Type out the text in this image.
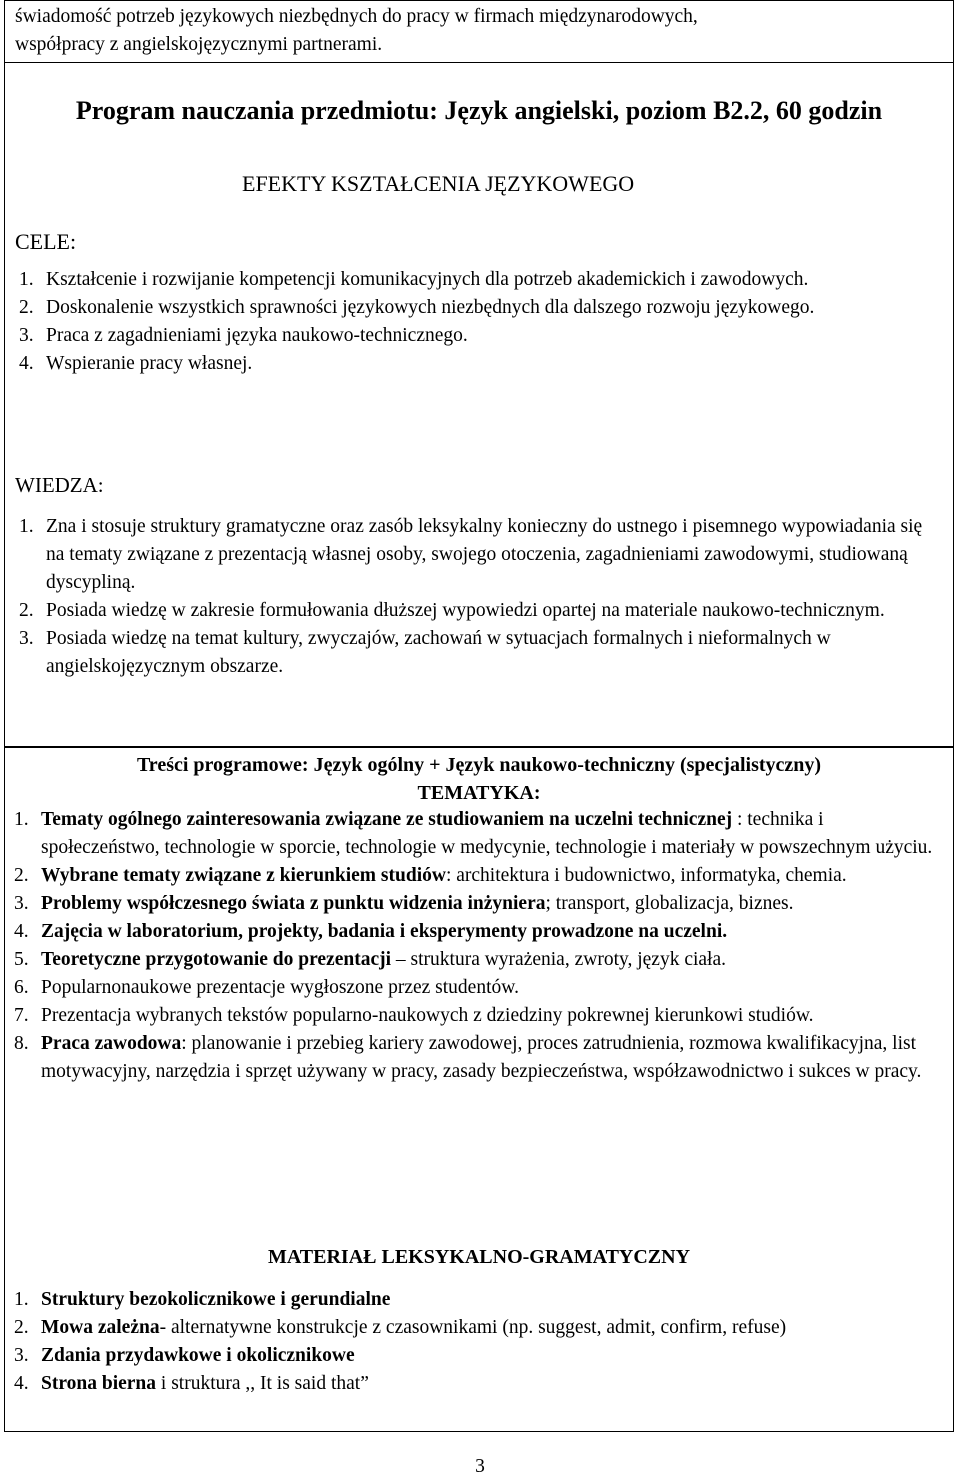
świadomość potrzeb językowych niezbędnych do pracy w firmach międzynarodowych,
współpracy z angielskojęzycznymi partnerami.
Program nauczania przedmiotu: Język angielski, poziom B2.2, 60 godzin
EFEKTY KSZTAŁCENIA JĘZYKOWEGO
CELE:
1. Kształcenie i rozwijanie kompetencji komunikacyjnych dla potrzeb akademickich i zawodowych.
2. Doskonalenie wszystkich sprawności językowych niezbędnych dla dalszego rozwoju językowego.
3. Praca z zagadnieniami języka naukowo-technicznego.
4. Wspieranie pracy własnej.
WIEDZA:
1. Zna i stosuje struktury gramatyczne oraz zasób leksykalny konieczny do ustnego i pisemnego wypowiadania się na tematy związane z prezentacją własnej osoby, swojego otoczenia, zagadnieniami zawodowymi, studiowaną dyscypliną.
2. Posiada wiedzę w zakresie formułowania dłuższej wypowiedzi opartej na materiale naukowo-technicznym.
3. Posiada wiedzę na temat kultury, zwyczajów, zachowań w sytuacjach formalnych i nieformalnych w angielskojęzycznym obszarze.
Treści programowe: Język ogólny + Język naukowo-techniczny (specjalistyczny)
TEMATYKA:
1. Tematy ogólnego zainteresowania związane ze studiowaniem na uczelni technicznej : technika i społeczeństwo, technologie w sporcie, technologie w medycynie, technologie i materiały w powszechnym użyciu.
2. Wybrane tematy związane z kierunkiem studiów: architektura i budownictwo, informatyka, chemia.
3. Problemy współczesnego świata z punktu widzenia inżyniera; transport, globalizacja, biznes.
4. Zajęcia w laboratorium, projekty, badania i eksperymenty prowadzone na uczelni.
5. Teoretyczne przygotowanie do prezentacji – struktura wyrażenia, zwroty, język ciała.
6. Popularnonaukowe prezentacje wygłoszone przez studentów.
7. Prezentacja wybranych tekstów popularno-naukowych z dziedziny pokrewnej kierunkowi studiów.
8. Praca zawodowa: planowanie i przebieg kariery zawodowej, proces zatrudnienia, rozmowa kwalifikacyjna, list motywacyjny, narzędzia i sprzęt używany w pracy, zasady bezpieczeństwa, współzawodnictwo i sukces w pracy.
MATERIAŁ LEKSYKALNO-GRAMATYCZNY
1. Struktury bezokolicznikowe i gerundialne
2. Mowa zależna- alternatywne konstrukcje z czasownikami (np. suggest, admit, confirm, refuse)
3. Zdania przydawkowe i okolicznikowe
4. Strona bierna i struktura ,, It is said that”
3
